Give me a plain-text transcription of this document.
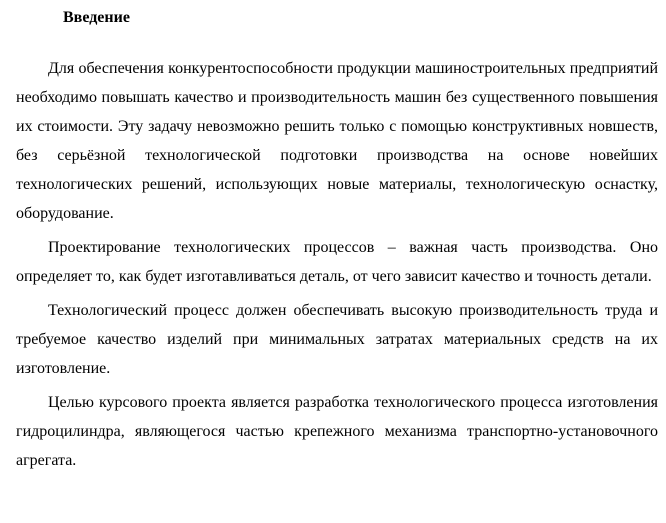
Введение

Для обеспечения конкурентоспособности продукции машиностроительных предприятий необходимо повышать качество и производительность машин без существенного повышения их стоимости. Эту задачу невозможно решить только с помощью конструктивных новшеств, без серьёзной технологической подготовки производства на основе новейших технологических решений, использующих новые материалы, технологическую оснастку, оборудование.

Проектирование технологических процессов – важная часть производства. Оно определяет то, как будет изготавливаться деталь, от чего зависит качество и точность детали.

Технологический процесс должен обеспечивать высокую производительность труда и требуемое качество изделий при минимальных затратах материальных средств на их изготовление.

Целью курсового проекта является разработка технологического процесса изготовления гидроцилиндра, являющегося частью крепежного механизма транспортно-установочного агрегата.
